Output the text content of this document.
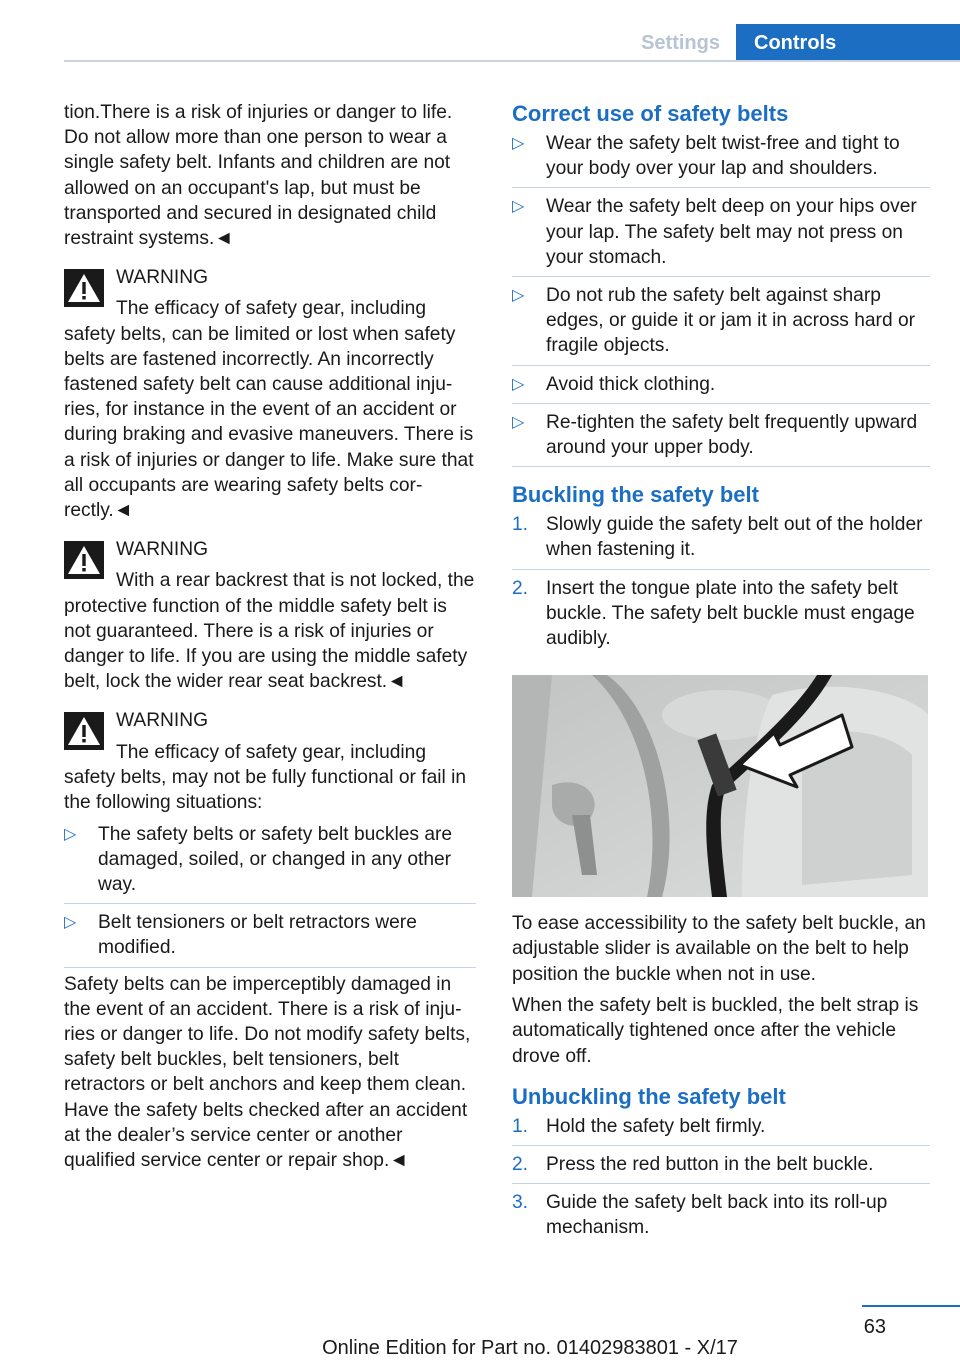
Settings	Controls

tion.There is a risk of injuries or danger to life. Do not allow more than one person to wear a single safety belt. Infants and children are not allowed on an occupant's lap, but must be transported and secured in designated child restraint systems.◄

WARNING

The efficacy of safety gear, including safety belts, can be limited or lost when safety belts are fastened incorrectly. An incorrectly fastened safety belt can cause additional injuries, for instance in the event of an accident or during braking and evasive maneuvers. There is a risk of injuries or danger to life. Make sure that all occupants are wearing safety belts correctly.◄

WARNING

With a rear backrest that is not locked, the protective function of the middle safety belt is not guaranteed. There is a risk of injuries or danger to life. If you are using the middle safety belt, lock the wider rear seat backrest.◄

WARNING

The efficacy of safety gear, including safety belts, may not be fully functional or fail in the following situations:

▷ The safety belts or safety belt buckles are damaged, soiled, or changed in any other way.
▷ Belt tensioners or belt retractors were modified.

Safety belts can be imperceptibly damaged in the event of an accident. There is a risk of injuries or danger to life. Do not modify safety belts, safety belt buckles, belt tensioners, belt retractors or belt anchors and keep them clean. Have the safety belts checked after an accident at the dealer’s service center or another qualified service center or repair shop.◄

Correct use of safety belts
▷ Wear the safety belt twist-free and tight to your body over your lap and shoulders.
▷ Wear the safety belt deep on your hips over your lap. The safety belt may not press on your stomach.
▷ Do not rub the safety belt against sharp edges, or guide it or jam it in across hard or fragile objects.
▷ Avoid thick clothing.
▷ Re-tighten the safety belt frequently upward around your upper body.
Buckling the safety belt
1. Slowly guide the safety belt out of the holder when fastening it.
2. Insert the tongue plate into the safety belt buckle. The safety belt buckle must engage audibly.

To ease accessibility to the safety belt buckle, an adjustable slider is available on the belt to help position the buckle when not in use.

When the safety belt is buckled, the belt strap is automatically tightened once after the vehicle drove off.

Unbuckling the safety belt
1. Hold the safety belt firmly.
2. Press the red button in the belt buckle.
3. Guide the safety belt back into its roll-up mechanism.
63
Online Edition for Part no. 01402983801 - X/17
